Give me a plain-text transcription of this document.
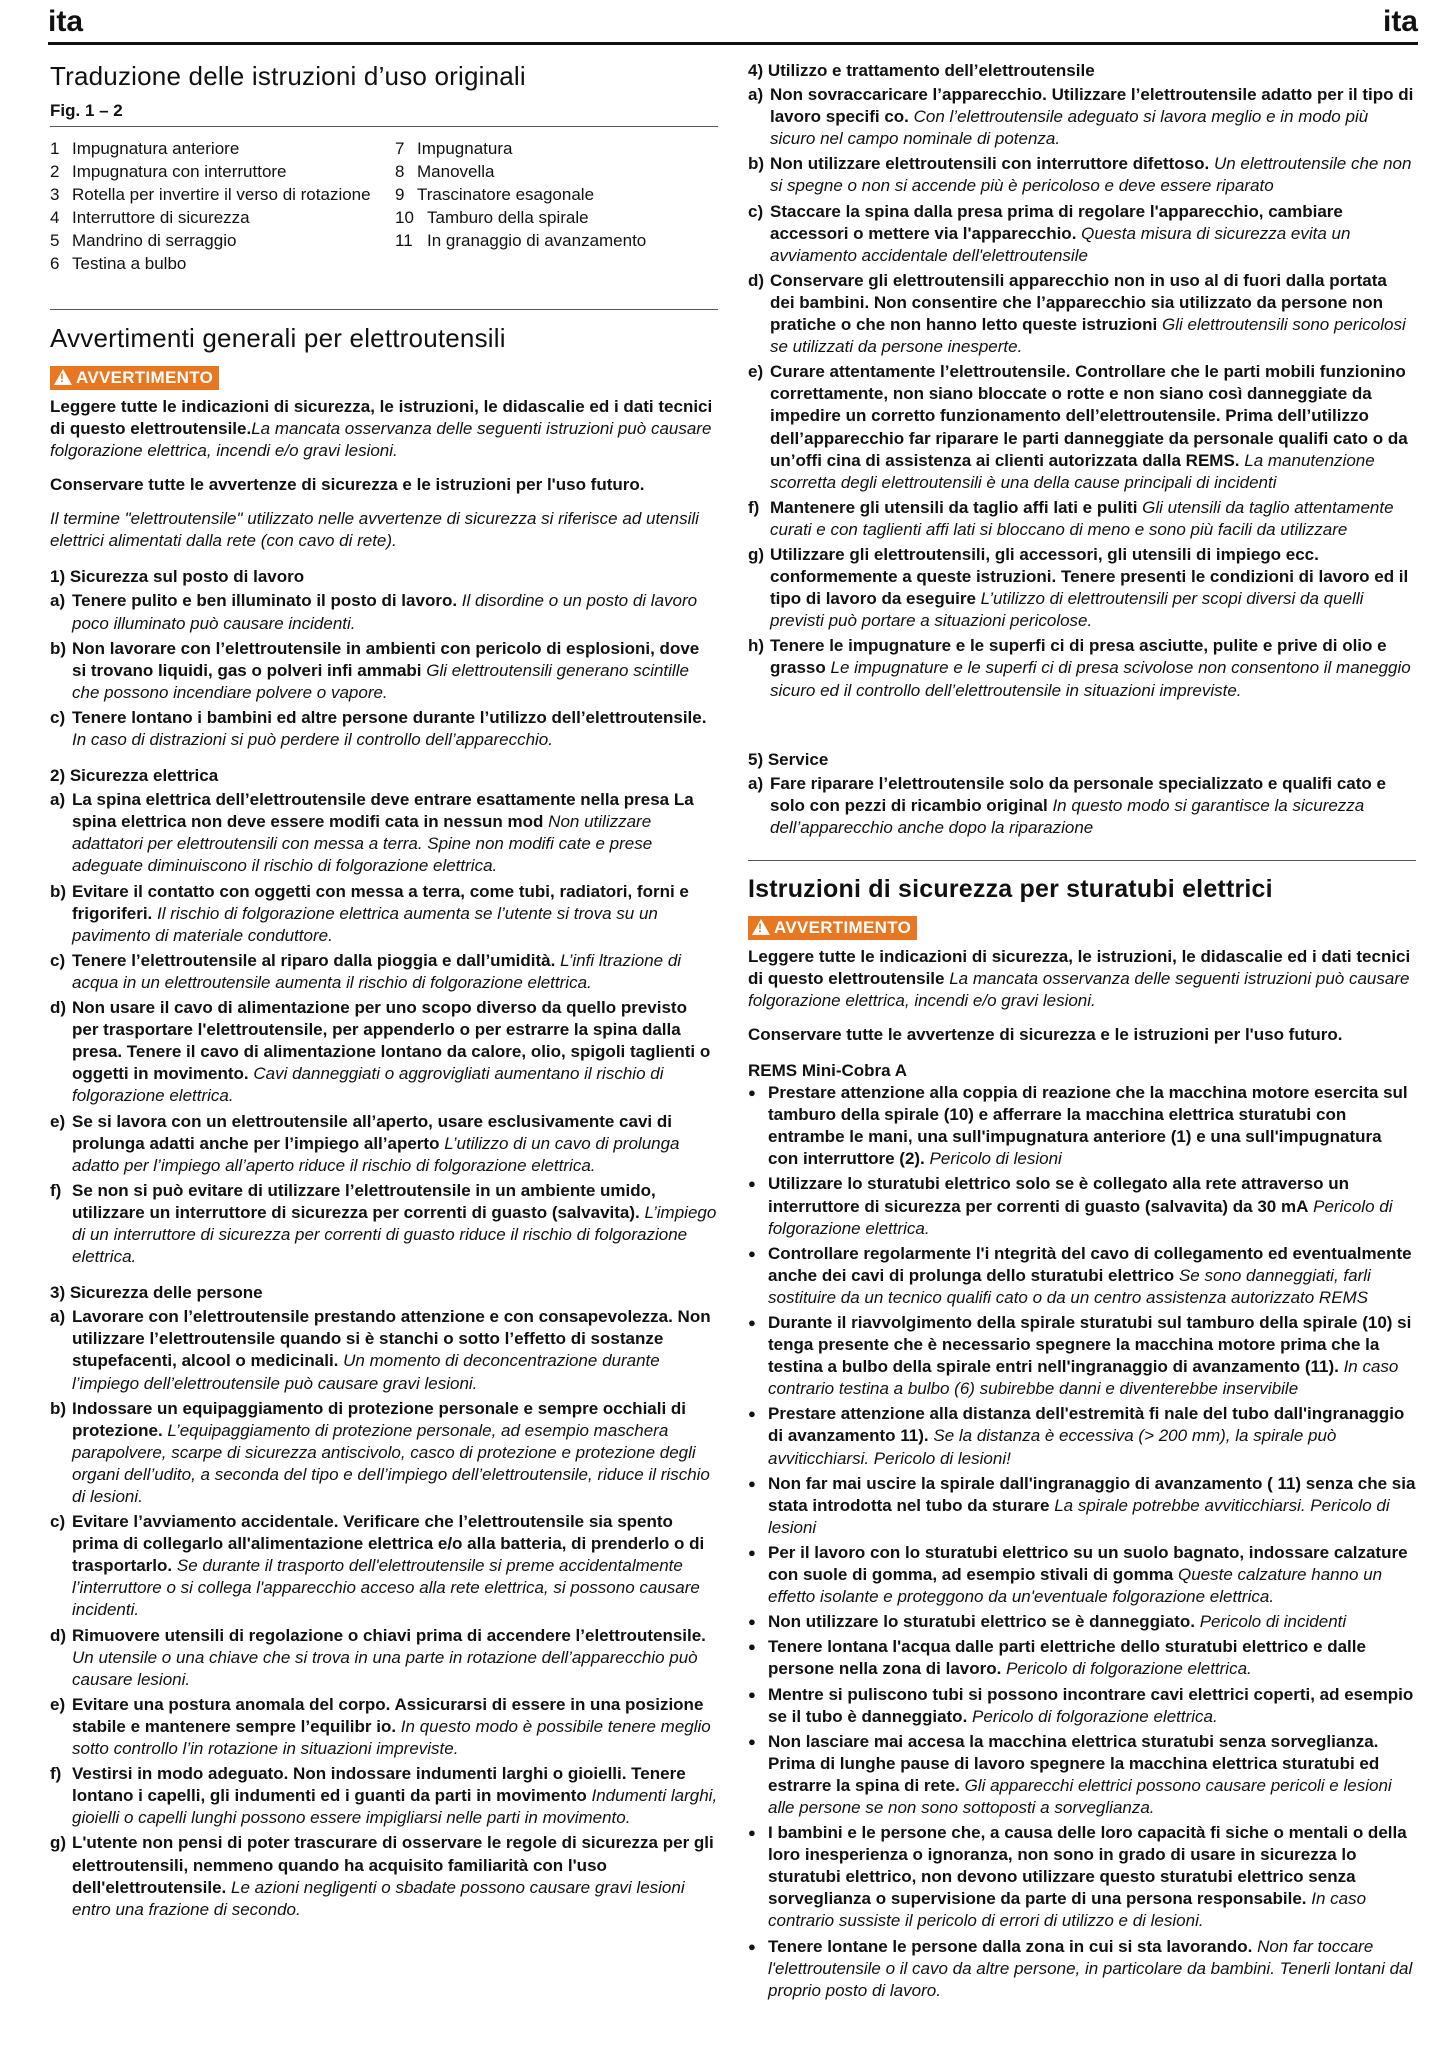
ita	ita
Traduzione delle istruzioni d’uso originali
Fig. 1 – 2
1 Impugnatura anteriore	7 Impugnatura
2 Impugnatura con interruttore	8 Manovella
3 Rotella per invertire il verso di rotazione 9 Trascinatore esagonale
4 Interruttore di sicurezza	10 Tamburo della spirale
5 Mandrino di serraggio	11 In granaggio di avanzamento
6 Testina a bulbo
Avvertimenti generali per elettroutensili
!AVVERTIMENTO

Leggere tutte le indicazioni di sicurezza, le istruzioni, le didascalie ed i dati tecnici di questo elettroutensile.La mancata osservanza delle seguenti istruzioni può causare folgorazione elettrica, incendi e/o gravi lesioni.

Conservare tutte le avvertenze di sicurezza e le istruzioni per l'uso futuro.

Il termine "elettroutensile" utilizzato nelle avvertenze di sicurezza si riferisce ad utensili elettrici alimentati dalla rete (con cavo di rete).

1) Sicurezza sul posto di lavoro
a) Tenere pulito e ben illuminato il posto di lavoro. Il disordine o un posto di lavoro poco illuminato può causare incidenti.
b) Non lavorare con l’elettroutensile in ambienti con pericolo di esplosioni, dove si trovano liquidi, gas o polveri infi ammabi Gli elettroutensili generano scintille che possono incendiare polvere o vapore.
c) Tenere lontano i bambini ed altre persone durante l’utilizzo dell’elettroutensile. In caso di distrazioni si può perdere il controllo dell’apparecchio.
2) Sicurezza elettrica
a) La spina elettrica dell’elettroutensile deve entrare esattamente nella presa La spina elettrica non deve essere modifi cata in nessun mod Non utilizzare adattatori per elettroutensili con messa a terra. Spine non modifi cate e prese adeguate diminuiscono il rischio di folgorazione elettrica.
b) Evitare il contatto con oggetti con messa a terra, come tubi, radiatori, forni e frigoriferi. Il rischio di folgorazione elettrica aumenta se l’utente si trova su un pavimento di materiale conduttore.
c) Tenere l’elettroutensile al riparo dalla pioggia e dall’umidità. L’infi ltrazione di acqua in un elettroutensile aumenta il rischio di folgorazione elettrica.
d) Non usare il cavo di alimentazione per uno scopo diverso da quello previsto per trasportare l'elettroutensile, per appenderlo o per estrarre la spina dalla presa. Tenere il cavo di alimentazione lontano da calore, olio, spigoli taglienti o oggetti in movimento. Cavi danneggiati o aggrovigliati aumentano il rischio di folgorazione elettrica.
e) Se si lavora con un elettroutensile all’aperto, usare esclusivamente cavi di prolunga adatti anche per l’impiego all’aperto L’utilizzo di un cavo di prolunga adatto per l’impiego all’aperto riduce il rischio di folgorazione elettrica.
f) Se non si può evitare di utilizzare l’elettroutensile in un ambiente umido, utilizzare un interruttore di sicurezza per correnti di guasto (salvavita). L’impiego di un interruttore di sicurezza per correnti di guasto riduce il rischio di folgorazione elettrica.
3) Sicurezza delle persone
a) Lavorare con l’elettroutensile prestando attenzione e con consapevolezza. Non utilizzare l’elettroutensile quando si è stanchi o sotto l’effetto di sostanze stupefacenti, alcool o medicinali. Un momento di deconcentrazione durante l’impiego dell’elettroutensile può causare gravi lesioni.
b) Indossare un equipaggiamento di protezione personale e sempre occhiali di protezione. L’equipaggiamento di protezione personale, ad esempio maschera parapolvere, scarpe di sicurezza antiscivolo, casco di protezione e protezione degli organi dell’udito, a seconda del tipo e dell’impiego dell’elettroutensile, riduce il rischio di lesioni.
c) Evitare l’avviamento accidentale. Verificare che l’elettroutensile sia spento prima di collegarlo all'alimentazione elettrica e/o alla batteria, di prenderlo o di trasportarlo. Se durante il trasporto dell'elettroutensile si preme accidentalmente l’interruttore o si collega l'apparecchio acceso alla rete elettrica, si possono causare incidenti.
d) Rimuovere utensili di regolazione o chiavi prima di accendere l’elettroutensile. Un utensile o una chiave che si trova in una parte in rotazione dell’apparecchio può causare lesioni.
e) Evitare una postura anomala del corpo. Assicurarsi di essere in una posizione stabile e mantenere sempre l’equilibr io. In questo modo è possibile tenere meglio sotto controllo l’in rotazione in situazioni impreviste.
f) Vestirsi in modo adeguato. Non indossare indumenti larghi o gioielli. Tenere lontano i capelli, gli indumenti ed i guanti da parti in movimento Indumenti larghi, gioielli o capelli lunghi possono essere impigliarsi nelle parti in movimento.
g) L'utente non pensi di poter trascurare di osservare le regole di sicurezza per gli elettroutensili, nemmeno quando ha acquisito familiarità con l'uso dell'elettroutensile. Le azioni negligenti o sbadate possono causare gravi lesioni entro una frazione di secondo.
4) Utilizzo e trattamento dell’elettroutensile
a) Non sovraccaricare l’apparecchio. Utilizzare l’elettroutensile adatto per il tipo di lavoro specifi co. Con l’elettroutensile adeguato si lavora meglio e in modo più sicuro nel campo nominale di potenza.
b) Non utilizzare elettroutensili con interruttore difettoso. Un elettroutensile che non si spegne o non si accende più è pericoloso e deve essere riparato
c) Staccare la spina dalla presa prima di regolare l'apparecchio, cambiare accessori o mettere via l'apparecchio. Questa misura di sicurezza evita un avviamento accidentale dell'elettroutensile
d) Conservare gli elettroutensili apparecchio non in uso al di fuori dalla portata dei bambini. Non consentire che l’apparecchio sia utilizzato da persone non pratiche o che non hanno letto queste istruzioni Gli elettroutensili sono pericolosi se utilizzati da persone inesperte.
e) Curare attentamente l’elettroutensile. Controllare che le parti mobili funzionino correttamente, non siano bloccate o rotte e non siano così danneggiate da impedire un corretto funzionamento dell’elettroutensile. Prima dell’utilizzo dell’apparecchio far riparare le parti danneggiate da personale qualifi cato o da un’offi cina di assistenza ai clienti autorizzata dalla REMS. La manutenzione scorretta degli elettroutensili è una della cause principali di incidenti
f) Mantenere gli utensili da taglio affi lati e puliti Gli utensili da taglio attentamente curati e con taglienti affi lati si bloccano di meno e sono più facili da utilizzare
g) Utilizzare gli elettroutensili, gli accessori, gli utensili di impiego ecc. conformemente a queste istruzioni. Tenere presenti le condizioni di lavoro ed il tipo di lavoro da eseguire L’utilizzo di elettroutensili per scopi diversi da quelli previsti può portare a situazioni pericolose.
h) Tenere le impugnature e le superfi ci di presa asciutte, pulite e prive di olio e grasso Le impugnature e le superfi ci di presa scivolose non consentono il maneggio sicuro ed il controllo dell’elettroutensile in situazioni impreviste.
5) Service
a) Fare riparare l’elettroutensile solo da personale specializzato e qualifi cato e solo con pezzi di ricambio original In questo modo si garantisce la sicurezza dell’apparecchio anche dopo la riparazione
Istruzioni di sicurezza per sturatubi elettrici
!AVVERTIMENTO

Leggere tutte le indicazioni di sicurezza, le istruzioni, le didascalie ed i dati tecnici di questo elettroutensile La mancata osservanza delle seguenti istruzioni può causare folgorazione elettrica, incendi e/o gravi lesioni.

Conservare tutte le avvertenze di sicurezza e le istruzioni per l'uso futuro.

REMS Mini-Cobra A
● Prestare attenzione alla coppia di reazione che la macchina motore esercita sul tamburo della spirale (10) e afferrare la macchina elettrica sturatubi con entrambe le mani, una sull'impugnatura anteriore (1) e una sull'impugnatura con interruttore (2). Pericolo di lesioni
● Utilizzare lo sturatubi elettrico solo se è collegato alla rete attraverso un interruttore di sicurezza per correnti di guasto (salvavita) da 30 mA Pericolo di folgorazione elettrica.
● Controllare regolarmente l'i ntegrità del cavo di collegamento ed eventualmente anche dei cavi di prolunga dello sturatubi elettrico Se sono danneggiati, farli sostituire da un tecnico qualifi cato o da un centro assistenza autorizzato REMS
● Durante il riavvolgimento della spirale sturatubi sul tamburo della spirale (10) si tenga presente che è necessario spegnere la macchina motore prima che la testina a bulbo della spirale entri nell'ingranaggio di avanzamento (11). In caso contrario testina a bulbo (6) subirebbe danni e diventerebbe inservibile
● Prestare attenzione alla distanza dell'estremità fi nale del tubo dall'ingranaggio di avanzamento 11). Se la distanza è eccessiva (> 200 mm), la spirale può avviticchiarsi. Pericolo di lesioni!
● Non far mai uscire la spirale dall'ingranaggio di avanzamento ( 11) senza che sia stata introdotta nel tubo da sturare La spirale potrebbe avviticchiarsi. Pericolo di lesioni
● Per il lavoro con lo sturatubi elettrico su un suolo bagnato, indossare calzature con suole di gomma, ad esempio stivali di gomma Queste calzature hanno un effetto isolante e proteggono da un'eventuale folgorazione elettrica.
● Non utilizzare lo sturatubi elettrico se è danneggiato. Pericolo di incidenti
● Tenere lontana l'acqua dalle parti elettriche dello sturatubi elettrico e dalle persone nella zona di lavoro. Pericolo di folgorazione elettrica.
● Mentre si puliscono tubi si possono incontrare cavi elettrici coperti, ad esempio se il tubo è danneggiato. Pericolo di folgorazione elettrica.
● Non lasciare mai accesa la macchina elettrica sturatubi senza sorveglianza. Prima di lunghe pause di lavoro spegnere la macchina elettrica sturatubi ed estrarre la spina di rete. Gli apparecchi elettrici possono causare pericoli e lesioni alle persone se non sono sottoposti a sorveglianza.
● I bambini e le persone che, a causa delle loro capacità fi siche o mentali o della loro inesperienza o ignoranza, non sono in grado di usare in sicurezza lo sturatubi elettrico, non devono utilizzare questo sturatubi elettrico senza sorveglianza o supervisione da parte di una persona responsabile. In caso contrario sussiste il pericolo di errori di utilizzo e di lesioni.
● Tenere lontane le persone dalla zona in cui si sta lavorando. Non far toccare l'elettroutensile o il cavo da altre persone, in particolare da bambini. Tenerli lontani dal proprio posto di lavoro.
